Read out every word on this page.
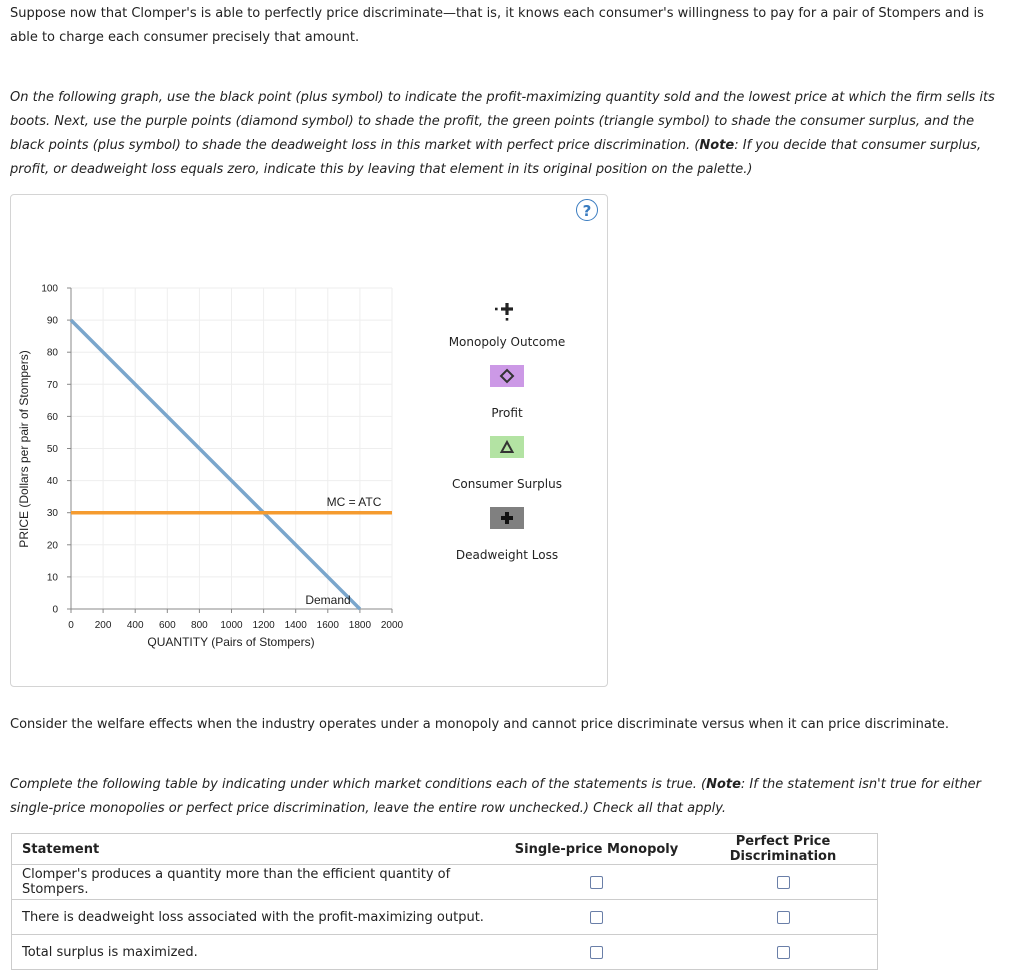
Suppose now that Clomper's is able to perfectly price discriminate—that is, it knows each consumer's willingness to pay for a pair of Stompers and is able to charge each consumer precisely that amount.

On the following graph, use the black point (plus symbol) to indicate the profit-maximizing quantity sold and the lowest price at which the firm sells its boots. Next, use the purple points (diamond symbol) to shade the profit, the green points (triangle symbol) to shade the consumer surplus, and the black points (plus symbol) to shade the deadweight loss in this market with perfect price discrimination. (Note: If you decide that consumer surplus, profit, or deadweight loss equals zero, indicate this by leaving that element in its original position on the palette.)

?
0 200 400 600 800 1000 1200 1400 1600 1800 2000
0
10
20
30
40
50
60
70
80
90
100
QUANTITY (Pairs of Stompers)
PRICE (Dollars per pair of Stompers)	MC = ATC
Demand
Monopoly Outcome
Profit
Consumer Surplus
Deadweight Loss

Consider the welfare effects when the industry operates under a monopoly and cannot price discriminate versus when it can price discriminate.

Complete the following table by indicating under which market conditions each of the statements is true. (Note: If the statement isn't true for either single-price monopolies or perfect price discrimination, leave the entire row unchecked.) Check all that apply.

Statement	Single-price Monopoly	Perfect Price Discrimination
Clomper's produces a quantity more than the efficient quantity of Stompers.		
There is deadweight loss associated with the profit-maximizing output.		
Total surplus is maximized.		
